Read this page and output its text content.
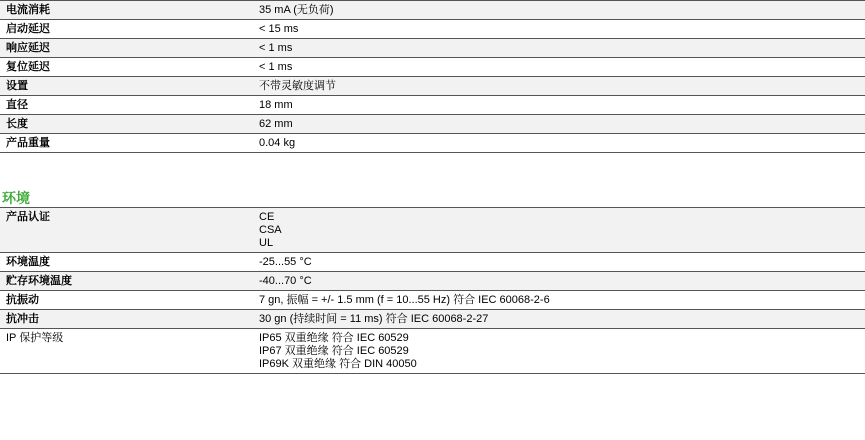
电流消耗	35 mA (无负荷)
启动延迟	< 15 ms
响应延迟	< 1 ms
复位延迟	< 1 ms
设置	不带灵敏度调节
直径	18 mm
长度	62 mm
产品重量	0.04 kg
环境
产品认证	CE
CSA
UL

环境温度	-25...55 °C
贮存环境温度	-40...70 °C
抗振动	7 gn, 振幅 = +/- 1.5 mm (f = 10...55 Hz) 符合 IEC 60068-2-6
抗冲击	30 gn (持续时间 = 11 ms) 符合 IEC 60068-2-27
IP 保护等级	IP65 双重绝缘 符合 IEC 60529
IP67 双重绝缘 符合 IEC 60529
IP69K 双重绝缘 符合 DIN 40050
